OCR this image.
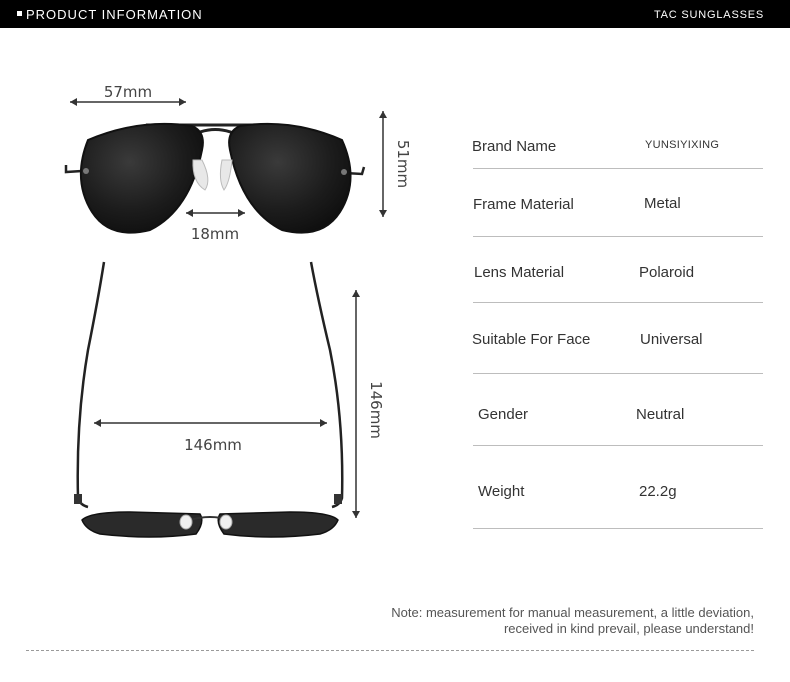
PRODUCT INFORMATION	TAC SUNGLASSES
57mm
18mm
51mm
146mm
146mm
Brand Name	YUNSIYIXING
Frame Material	Metal
Lens Material	Polaroid
Suitable For Face	Universal
Gender	Neutral
Weight	22.2g
Note: measurement for manual measurement, a little deviation,
received in kind prevail, please understand!
